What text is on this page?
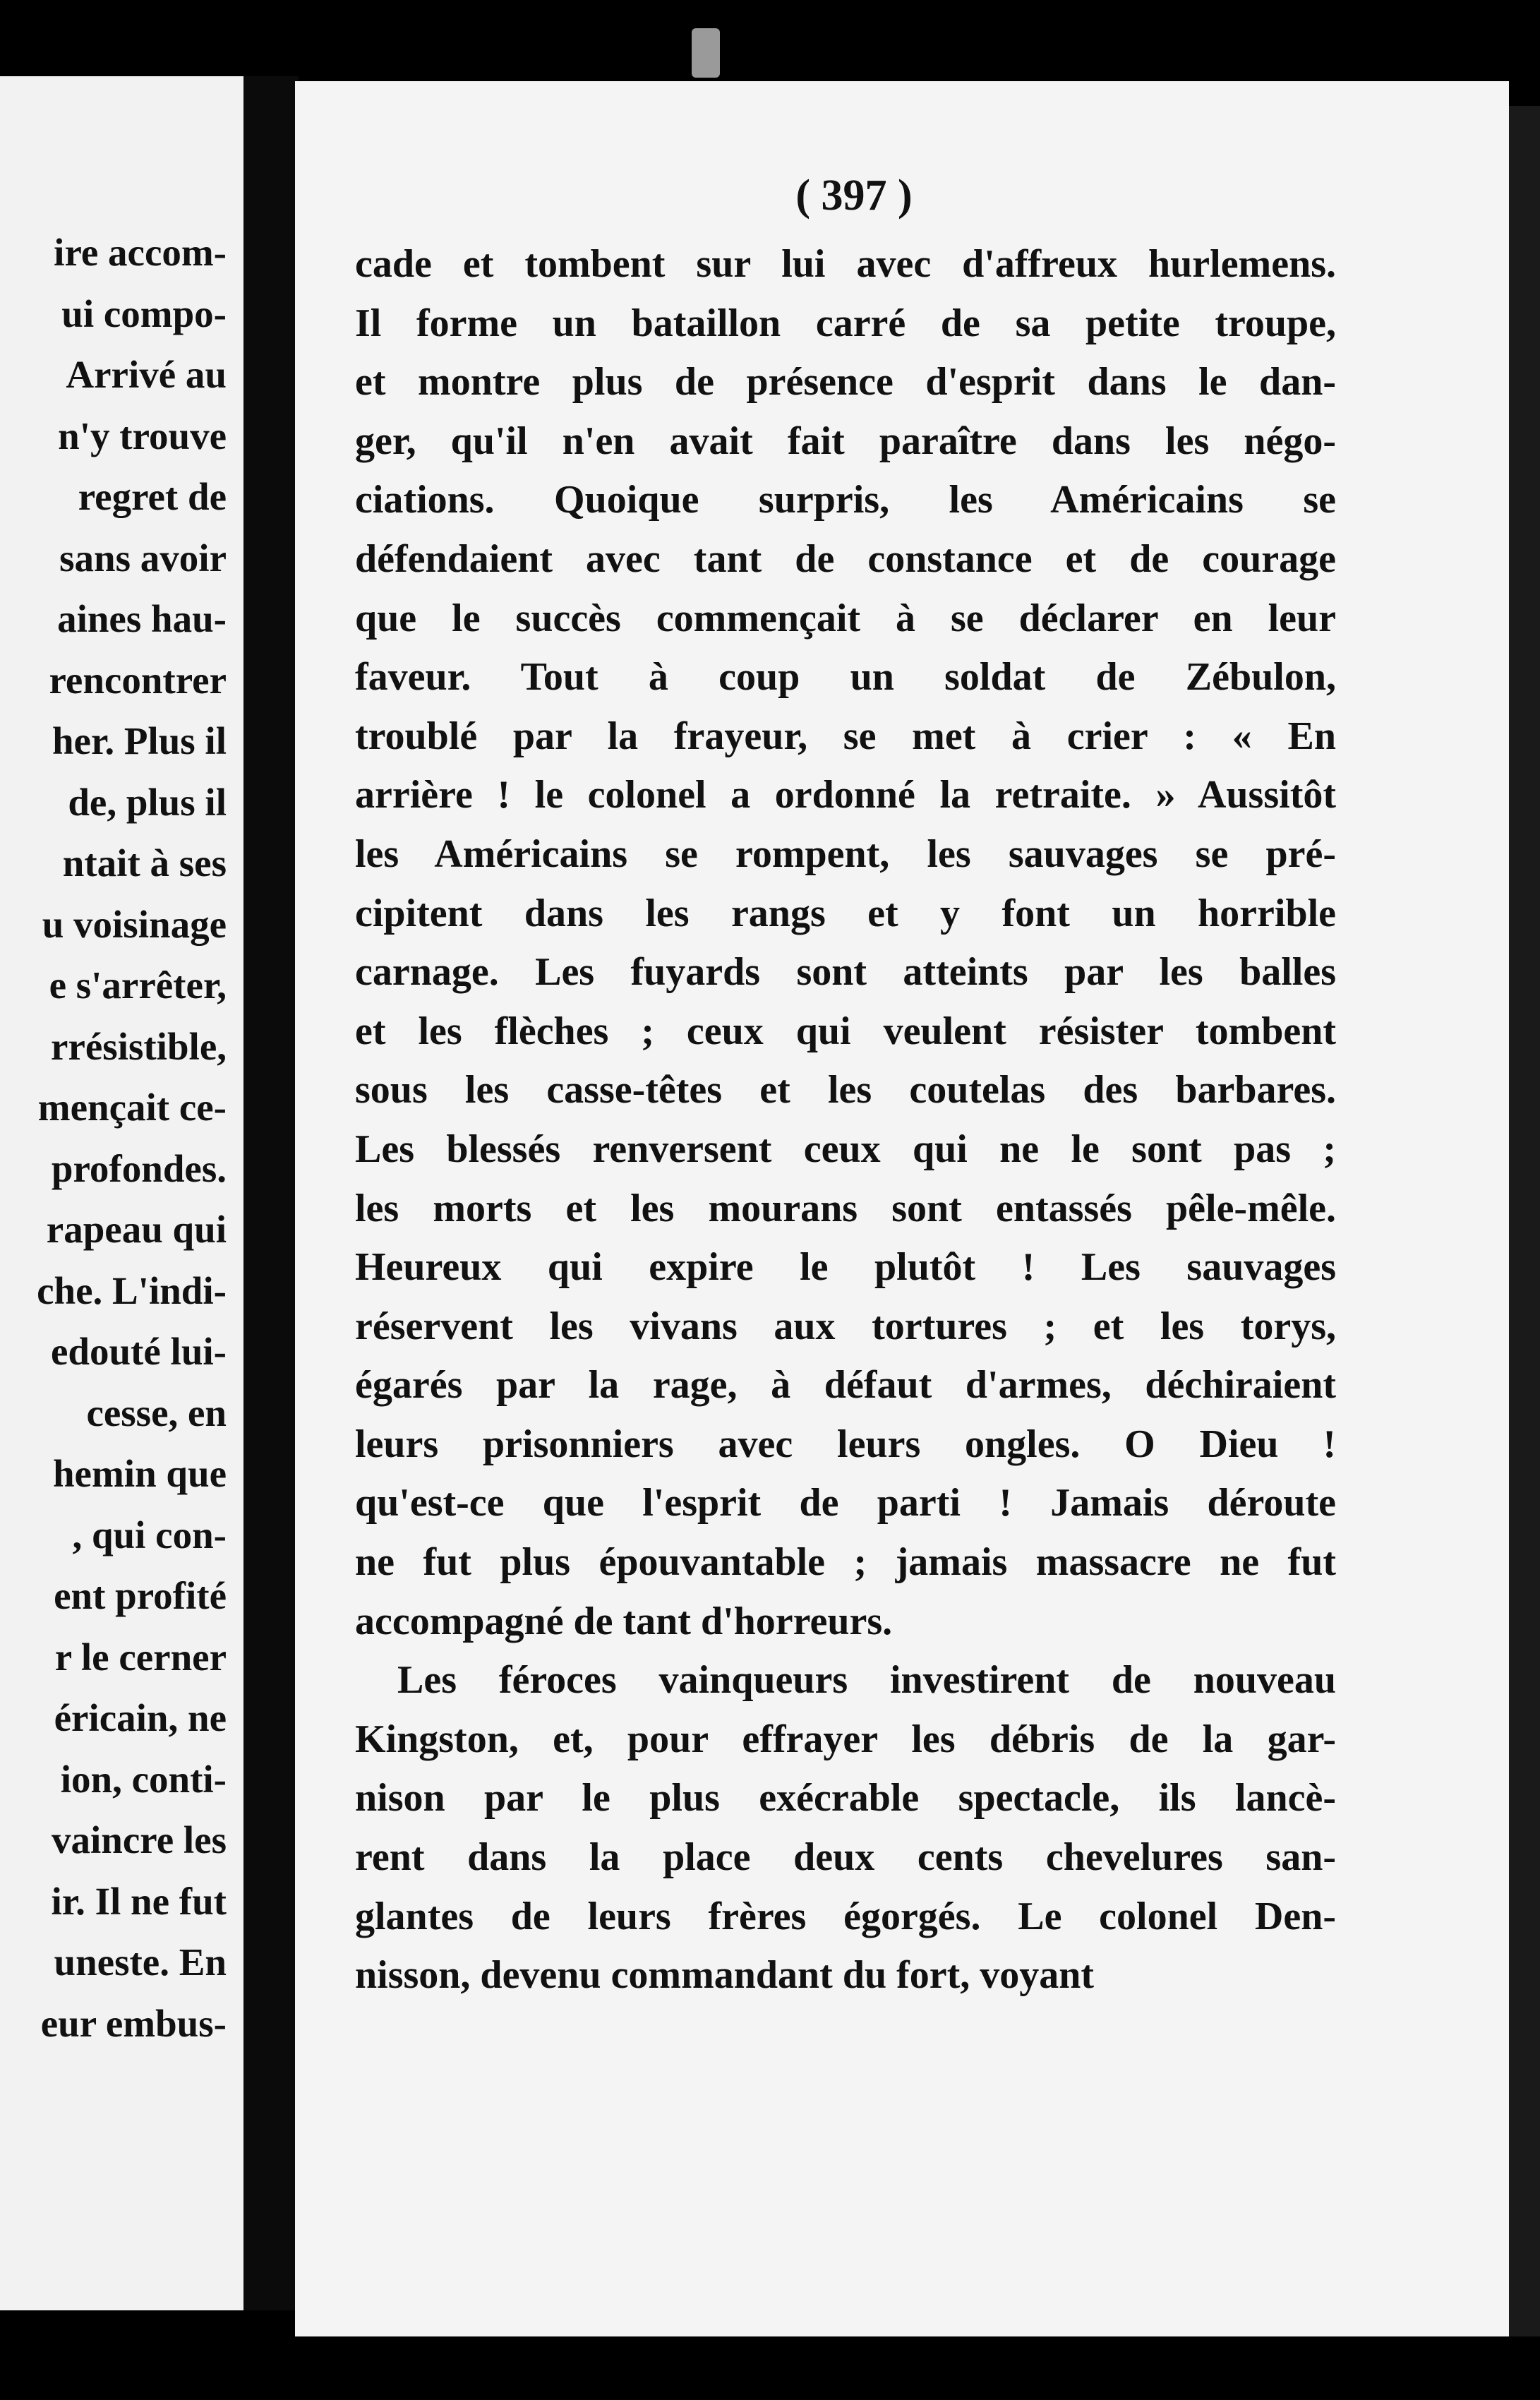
ire accom-
ui compo-
Arrivé au
n'y trouve
regret de
sans avoir
aines hau-
rencontrer
her. Plus il
de, plus il
ntait à ses
u voisinage
e s'arrêter,
rrésistible,
mençait ce-
profondes.
rapeau qui
che. L'indi-
edouté lui-
cesse, en
hemin que
, qui con-
ent profité
r le cerner
éricain, ne
ion, conti-
vaincre les
ir. Il ne fut
uneste. En
eur embus-
( 397 )
cade et tombent sur lui avec d'affreux hurlemens.
Il forme un bataillon carré de sa petite troupe,
et montre plus de présence d'esprit dans le dan-
ger, qu'il n'en avait fait paraître dans les négo-
ciations. Quoique surpris, les Américains se
défendaient avec tant de constance et de courage
que le succès commençait à se déclarer en leur
faveur. Tout à coup un soldat de Zébulon,
troublé par la frayeur, se met à crier : « En
arrière ! le colonel a ordonné la retraite. » Aussitôt
les Américains se rompent, les sauvages se pré-
cipitent dans les rangs et y font un horrible
carnage. Les fuyards sont atteints par les balles
et les flèches ; ceux qui veulent résister tombent
sous les casse-têtes et les coutelas des barbares.
Les blessés renversent ceux qui ne le sont pas ;
les morts et les mourans sont entassés pêle-mêle.
Heureux qui expire le plutôt ! Les sauvages
réservent les vivans aux tortures ; et les torys,
égarés par la rage, à défaut d'armes, déchiraient
leurs prisonniers avec leurs ongles. O Dieu !
qu'est-ce que l'esprit de parti ! Jamais déroute
ne fut plus épouvantable ; jamais massacre ne fut
accompagné de tant d'horreurs.
Les féroces vainqueurs investirent de nouveau
Kingston, et, pour effrayer les débris de la gar-
nison par le plus exécrable spectacle, ils lancè-
rent dans la place deux cents chevelures san-
glantes de leurs frères égorgés. Le colonel Den-
nisson, devenu commandant du fort, voyant
